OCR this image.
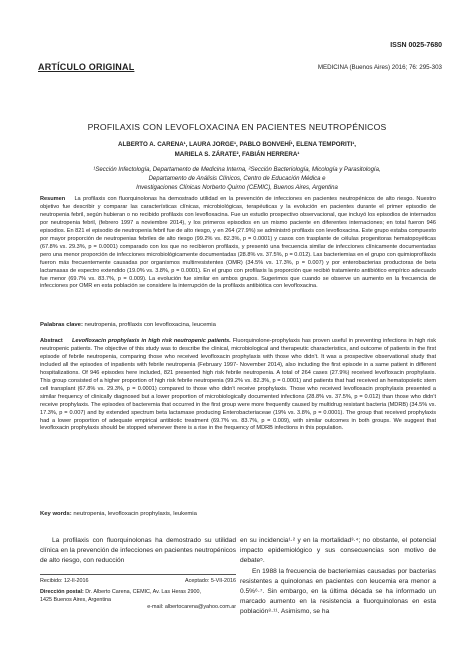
ISSN 0025-7680
ARTÍCULO ORIGINAL	MEDICINA (Buenos Aires) 2016; 76: 295-303
PROFILAXIS CON LEVOFLOXACINA EN PACIENTES NEUTROPÉNICOS
ALBERTO A. CARENA¹, LAURA JORGE¹, PABLO BONVEHÍ¹, ELENA TEMPORITI¹,
MARIELA S. ZÁRATE², FABIÁN HERRERA¹
¹Sección Infectología, Departamento de Medicina Interna, ²Sección Bacteriología, Micología y Parasitología,
Departamento de Análisis Clínicos, Centro de Educación Médica e
Investigaciones Clínicas Norberto Quirno (CEMIC), Buenos Aires, Argentina
Resumen La profilaxis con fluorquinolonas ha demostrado utilidad en la prevención de infecciones en pacientes neutropénicos de alto riesgo. Nuestro objetivo fue describir y comparar las características clínicas, microbiológicas, terapéuticas y la evolución en pacientes durante el primer episodio de neutropenia febril, según hubieran o no recibido profilaxis con levofloxacina. Fue un estudio prospectivo observacional, que incluyó los episodios de internados por neutropenia febril, (febrero 1997 a noviembre 2014), y los primeros episodios en un mismo paciente en diferentes internaciones; en total fueron 946 episodios. En 821 el episodio de neutropenia febril fue de alto riesgo, y en 264 (27.9%) se administró profilaxis con levofloxacina. Este grupo estaba compuesto por mayor proporción de neutropenias febriles de alto riesgo (99.2% vs. 82.3%, p = 0.0001) y casos con trasplante de células progenitoras hematopoyéticas (67.8% vs. 29.3%, p = 0.0001) comparado con los que no recibieron profilaxis, y presentó una frecuencia similar de infecciones clínicamente documentadas pero una menor proporción de infecciones microbiológicamente documentadas (28.8% vs. 37.5%, p = 0.012). Las bacteriemias en el grupo con quimioprofilaxis fueron más frecuentemente causadas por organismos multirresistentes (OMR) (34.5% vs. 17.3%, p = 0.007) y por enterobacterias productoras de beta lactamasas de espectro extendido (19.0% vs. 3.8%, p = 0.0001). En el grupo con profilaxis la proporción que recibió tratamiento antibiótico empírico adecuado fue menor (69.7% vs. 83.7%, p = 0.009). La evolución fue similar en ambos grupos. Sugerimos que cuando se observe un aumento en la frecuencia de infecciones por OMR en esta población se considere la interrupción de la profilaxis antibiótica con levofloxacina.
Palabras clave: neutropenia, profilaxis con levofloxacina, leucemia
Abstract Levofloxacin prophylaxis in high risk neutropenic patients. Fluorquinolone-prophylaxis has proven useful in preventing infections in high risk neutropenic patients. The objective of this study was to describe the clinical, microbiological and therapeutic characteristics, and outcome of patients in the first episode of febrile neutropenia, comparing those who received levofloxacin prophylaxis with those who didn't. It was a prospective observational study that included all the episodes of inpatients with febrile neutropenia (February 1997- November 2014), also including the first episode in a same patient in different hospitalizations. Of 946 episodes here included, 821 presented high risk febrile neutropenia. A total of 264 cases (27.9%) received levofloxacin prophylaxis. This group consisted of a higher proportion of high risk febrile neutropenia (99.2% vs. 82.3%, p = 0.0001) and patients that had received an hematopoietic stem cell transplant (67.8% vs. 29.3%, p = 0.0001) compared to those who didn't receive prophylaxis. Those who received levofloxacin prophylaxis presented a similar frequency of clinically diagnosed but a lower proportion of microbiologically documented infections (28.8% vs. 37.5%, p = 0.012) than those who didn't receive prophylaxis. The episodes of bacteremia that occurred in the first group were more frequently caused by multidrug resistant bacteria (MDRB) (34.5% vs. 17.3%, p = 0.007) and by extended spectrum beta lactamase producing Enterobacteriaceae (19% vs. 3.8%, p = 0.0001). The group that received prophylaxis had a lower proportion of adequate empirical antibiotic treatment (69.7% vs. 83.7%, p = 0.009), with similar outcomes in both groups. We suggest that levofloxacin prophylaxis should be stopped whenever there is a rise in the frequency of MDRB infections in this population.
Key words: neutropenia, levofloxacin prophylaxis, leukemia
La profilaxis con fluorquinolonas ha demostrado su utilidad clínica en la prevención de infecciones en pacientes neutropénicos de alto riesgo, con reducción
Recibido: 12-II-2016	Aceptado: 5-VII-2016
Dirección postal: Dr. Alberto Carena, CEMIC, Av. Las Heras 2900,
1425 Buenos Aires, Argentina
e-mail: albertocarena@yahoo.com.ar
en su incidencia¹·² y en la mortalidad³·⁴; no obstante, el potencial impacto epidemiológico y sus consecuencias son motivo de debate⁵.
En 1988 la frecuencia de bacteriemias causadas por bacterias resistentes a quinolonas en pacientes con leucemia era menor a 0.5%⁶·⁷. Sin embargo, en la última década se ha informado un marcado aumento en la resistencia a fluorquinolonas en esta población⁸·¹¹. Asimismo, se ha
